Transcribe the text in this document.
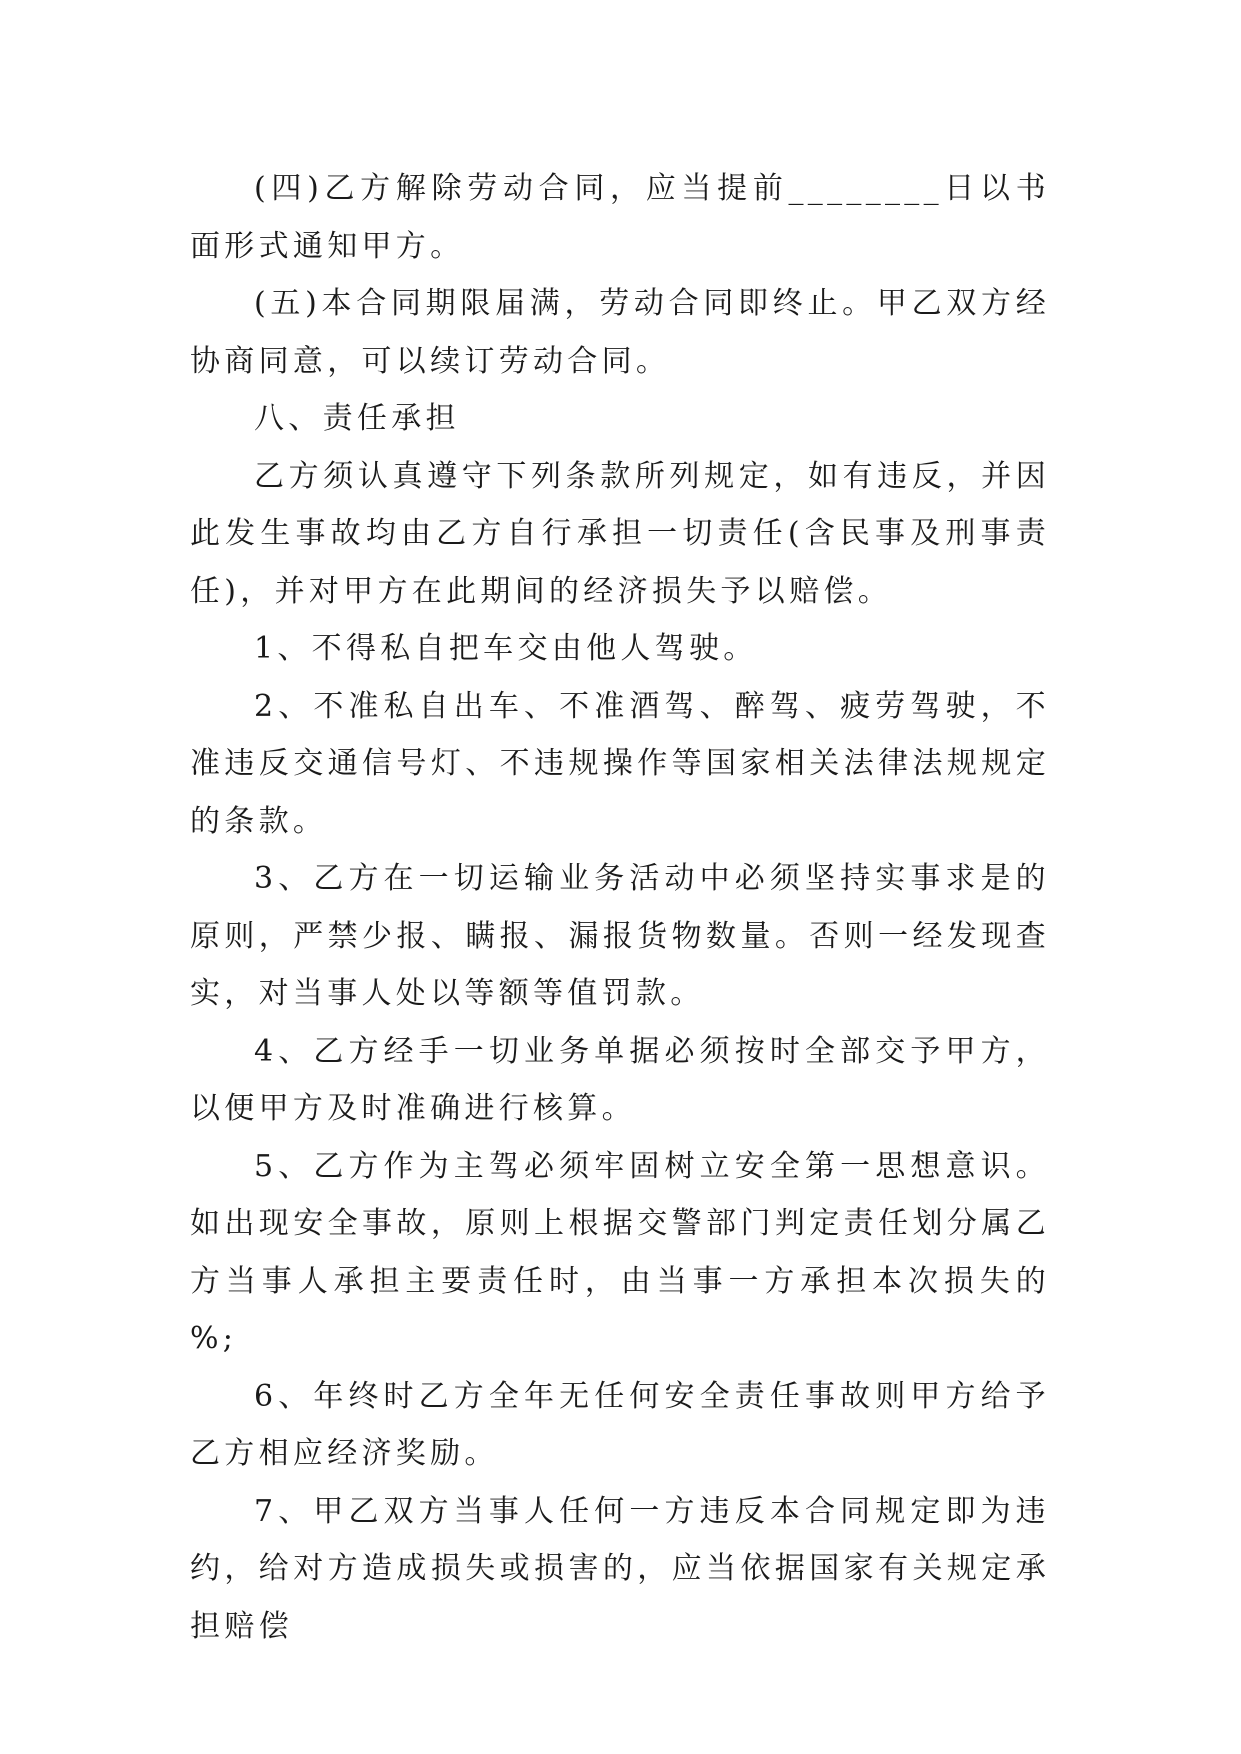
(四)乙方解除劳动合同，应当提前________日以书面形式通知甲方。

(五)本合同期限届满，劳动合同即终止。甲乙双方经协商同意，可以续订劳动合同。

八、责任承担

乙方须认真遵守下列条款所列规定，如有违反，并因此发生事故均由乙方自行承担一切责任(含民事及刑事责任)，并对甲方在此期间的经济损失予以赔偿。

1、不得私自把车交由他人驾驶。

2、不准私自出车、不准酒驾、醉驾、疲劳驾驶，不准违反交通信号灯、不违规操作等国家相关法律法规规定的条款。

3、乙方在一切运输业务活动中必须坚持实事求是的原则，严禁少报、瞒报、漏报货物数量。否则一经发现查实，对当事人处以等额等值罚款。

4、乙方经手一切业务单据必须按时全部交予甲方，以便甲方及时准确进行核算。

5、乙方作为主驾必须牢固树立安全第一思想意识。如出现安全事故，原则上根据交警部门判定责任划分属乙方当事人承担主要责任时，由当事一方承担本次损失的 %;

6、年终时乙方全年无任何安全责任事故则甲方给予乙方相应经济奖励。

7、甲乙双方当事人任何一方违反本合同规定即为违约，给对方造成损失或损害的，应当依据国家有关规定承担赔偿
